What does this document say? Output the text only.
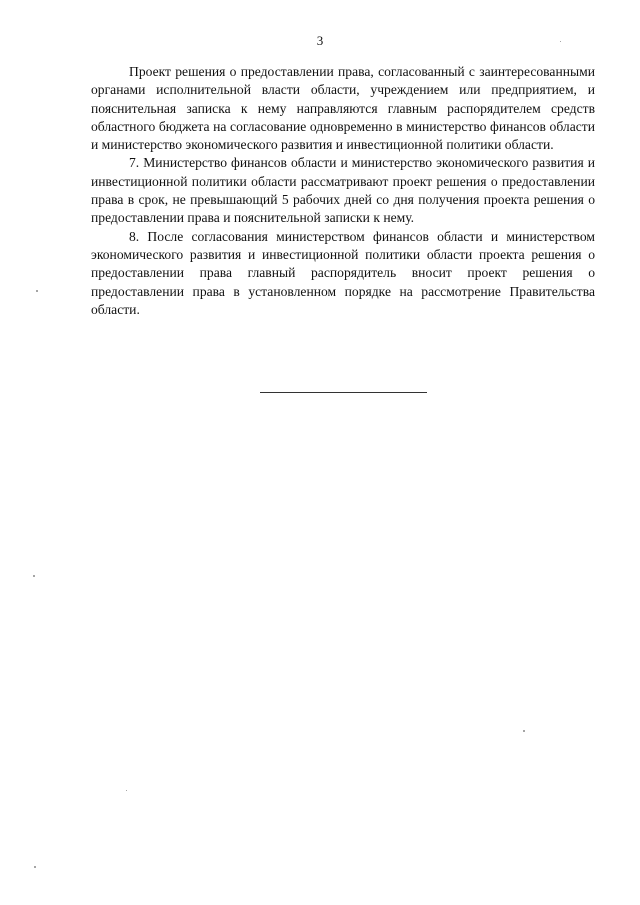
3

Проект решения о предоставлении права, согласованный с заинтересованными органами исполнительной власти области, учреждением или предприятием, и пояснительная записка к нему направляются главным распорядителем средств областного бюджета на согласование одновременно в министерство финансов области и министерство экономического развития и инвестиционной политики области.

7. Министерство финансов области и министерство экономического развития и инвестиционной политики области рассматривают проект решения о предоставлении права в срок, не превышающий 5 рабочих дней со дня получения проекта решения о предоставлении права и пояснительной записки к нему.

8. После согласования министерством финансов области и министерством экономического развития и инвестиционной политики области проекта решения о предоставлении права главный распорядитель вносит проект решения о предоставлении права в установленном порядке на рассмотрение Правительства области.
